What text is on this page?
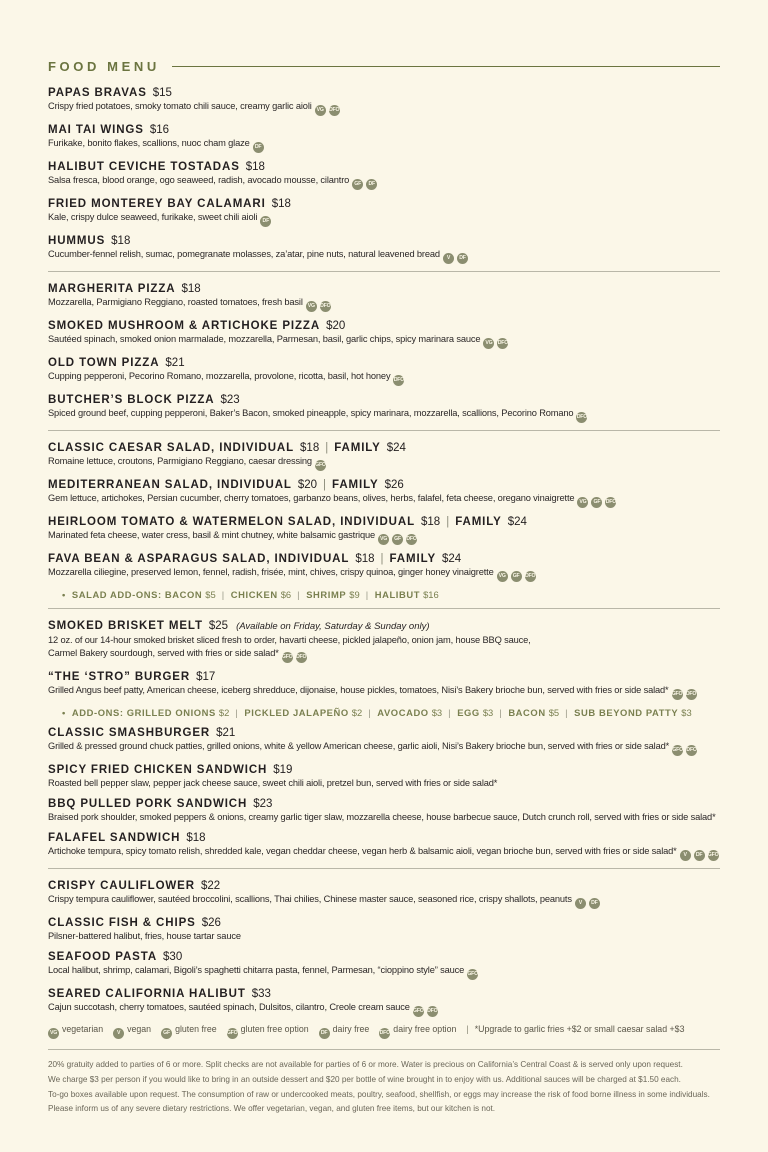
FOOD MENU
PAPAS BRAVAS $15
Crispy fried potatoes, smoky tomato chili sauce, creamy garlic aioli VG DFO
MAI TAI WINGS $16
Furikake, bonito flakes, scallions, nuoc cham glaze DF
HALIBUT CEVICHE TOSTADAS $18
Salsa fresca, blood orange, ogo seaweed, radish, avocado mousse, cilantro GF DF
FRIED MONTEREY BAY CALAMARI $18
Kale, crispy dulce seaweed, furikake, sweet chili aioli DF
HUMMUS $18
Cucumber-fennel relish, sumac, pomegranate molasses, za’atar, pine nuts, natural leavened bread V DF
MARGHERITA PIZZA $18
Mozzarella, Parmigiano Reggiano, roasted tomatoes, fresh basil VG DFO
SMOKED MUSHROOM & ARTICHOKE PIZZA $20
Sautéed spinach, smoked onion marmalade, mozzarella, Parmesan, basil, garlic chips, spicy marinara sauce VG DFO
OLD TOWN PIZZA $21
Cupping pepperoni, Pecorino Romano, mozzarella, provolone, ricotta, basil, hot honey DFO
BUTCHER’S BLOCK PIZZA $23
Spiced ground beef, cupping pepperoni, Baker’s Bacon, smoked pineapple, spicy marinara, mozzarella, scallions, Pecorino Romano DFO
CLASSIC CAESAR SALAD, INDIVIDUAL $18 | FAMILY $24
Romaine lettuce, croutons, Parmigiano Reggiano, caesar dressing GFO
MEDITERRANEAN SALAD, INDIVIDUAL $20 | FAMILY $26
Gem lettuce, artichokes, Persian cucumber, cherry tomatoes, garbanzo beans, olives, herbs, falafel, feta cheese, oregano vinaigrette VG GF DFO
HEIRLOOM TOMATO & WATERMELON SALAD, INDIVIDUAL $18 | FAMILY $24
Marinated feta cheese, water cress, basil & mint chutney, white balsamic gastrique VG GF DFO
FAVA BEAN & ASPARAGUS SALAD, INDIVIDUAL $18 | FAMILY $24
Mozzarella ciliegine, preserved lemon, fennel, radish, frisée, mint, chives, crispy quinoa, ginger honey vinaigrette VG GF DFO
• SALAD ADD-ONS: BACON $5 | CHICKEN $6 | SHRIMP $9 | HALIBUT $16
SMOKED BRISKET MELT $25 (Available on Friday, Saturday & Sunday only)
12 oz. of our 14-hour smoked brisket sliced fresh to order, havarti cheese, pickled jalapeño, onion jam, house BBQ sauce,
Carmel Bakery sourdough, served with fries or side salad* GFO DFO
“THE ‘STRO” BURGER $17
Grilled Angus beef patty, American cheese, iceberg shredduce, dijonaise, house pickles, tomatoes, Nisi’s Bakery brioche bun, served with fries or side salad* GFO DFO
• ADD-ONS: GRILLED ONIONS $2 | PICKLED JALAPEÑO $2 | AVOCADO $3 | EGG $3 | BACON $5 | SUB BEYOND PATTY $3
CLASSIC SMASHBURGER $21
Grilled & pressed ground chuck patties, grilled onions, white & yellow American cheese, garlic aioli, Nisi’s Bakery brioche bun, served with fries or side salad* GFO DFO
SPICY FRIED CHICKEN SANDWICH $19
Roasted bell pepper slaw, pepper jack cheese sauce, sweet chili aioli, pretzel bun, served with fries or side salad*
BBQ PULLED PORK SANDWICH $23
Braised pork shoulder, smoked peppers & onions, creamy garlic tiger slaw, mozzarella cheese, house barbecue sauce, Dutch crunch roll, served with fries or side salad*
FALAFEL SANDWICH $18
Artichoke tempura, spicy tomato relish, shredded kale, vegan cheddar cheese, vegan herb & balsamic aioli, vegan brioche bun, served with fries or side salad* V DF GFO
CRISPY CAULIFLOWER $22
Crispy tempura cauliflower, sautéed broccolini, scallions, Thai chilies, Chinese master sauce, seasoned rice, crispy shallots, peanuts V DF
CLASSIC FISH & CHIPS $26
Pilsner-battered halibut, fries, house tartar sauce
SEAFOOD PASTA $30
Local halibut, shrimp, calamari, Bigoli’s spaghetti chitarra pasta, fennel, Parmesan, “cioppino style” sauce GFO
SEARED CALIFORNIA HALIBUT $33
Cajun succotash, cherry tomatoes, sautéed spinach, Dulsitos, cilantro, Creole cream sauce GFO DFO
VG vegetarian	V vegan GF gluten free GFO gluten free option DF dairy free DFO dairy free option | *Upgrade to garlic fries +$2 or small caesar salad +$3
20% gratuity added to parties of 6 or more. Split checks are not available for parties of 6 or more. Water is precious on California’s Central Coast & is served only upon request.
We charge $3 per person if you would like to bring in an outside dessert and $20 per bottle of wine brought in to enjoy with us. Additional sauces will be charged at $1.50 each.
To-go boxes available upon request. The consumption of raw or undercooked meats, poultry, seafood, shellfish, or eggs may increase the risk of food borne illness in some individuals.
Please inform us of any severe dietary restrictions. We offer vegetarian, vegan, and gluten free items, but our kitchen is not.
